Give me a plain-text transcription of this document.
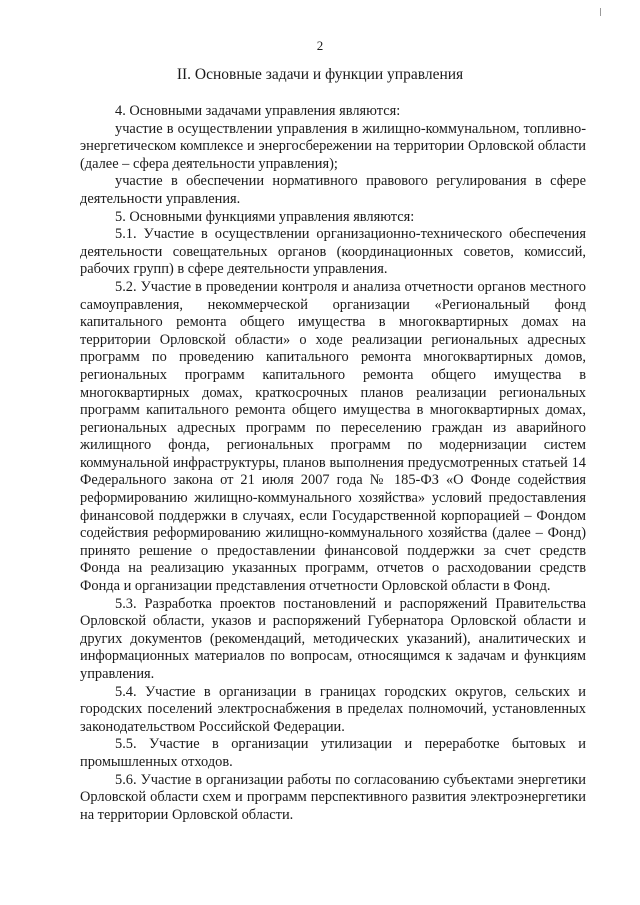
2
II. Основные задачи и функции управления

4. Основными задачами управления являются:

участие в осуществлении управления в жилищно-коммунальном, топливно-энергетическом комплексе и энергосбережении на территории Орловской области (далее – сфера деятельности управления);

участие в обеспечении нормативного правового регулирования в сфере деятельности управления.

5. Основными функциями управления являются:

5.1. Участие в осуществлении организационно-технического обеспечения деятельности совещательных органов (координационных советов, комиссий, рабочих групп) в сфере деятельности управления.

5.2. Участие в проведении контроля и анализа отчетности органов местного самоуправления, некоммерческой организации «Региональный фонд капитального ремонта общего имущества в многоквартирных домах на территории Орловской области» о ходе реализации региональных адресных программ по проведению капитального ремонта многоквартирных домов, региональных программ капитального ремонта общего имущества в многоквартирных домах, краткосрочных планов реализации региональных программ капитального ремонта общего имущества в многоквартирных домах, региональных адресных программ по переселению граждан из аварийного жилищного фонда, региональных программ по модернизации систем коммунальной инфраструктуры, планов выполнения предусмотренных статьей 14 Федерального закона от 21 июля 2007 года № 185-ФЗ «О Фонде содействия реформированию жилищно-коммунального хозяйства» условий предоставления финансовой поддержки в случаях, если Государственной корпорацией – Фондом содействия реформированию жилищно-коммунального хозяйства (далее – Фонд) принято решение о предоставлении финансовой поддержки за счет средств Фонда на реализацию указанных программ, отчетов о расходовании средств Фонда и организации представления отчетности Орловской области в Фонд.

5.3. Разработка проектов постановлений и распоряжений Правительства Орловской области, указов и распоряжений Губернатора Орловской области и других документов (рекомендаций, методических указаний), аналитических и информационных материалов по вопросам, относящимся к задачам и функциям управления.

5.4. Участие в организации в границах городских округов, сельских и городских поселений электроснабжения в пределах полномочий, установленных законодательством Российской Федерации.

5.5. Участие в организации утилизации и переработке бытовых и промышленных отходов.

5.6. Участие в организации работы по согласованию субъектами энергетики Орловской области схем и программ перспективного развития электроэнергетики на территории Орловской области.
